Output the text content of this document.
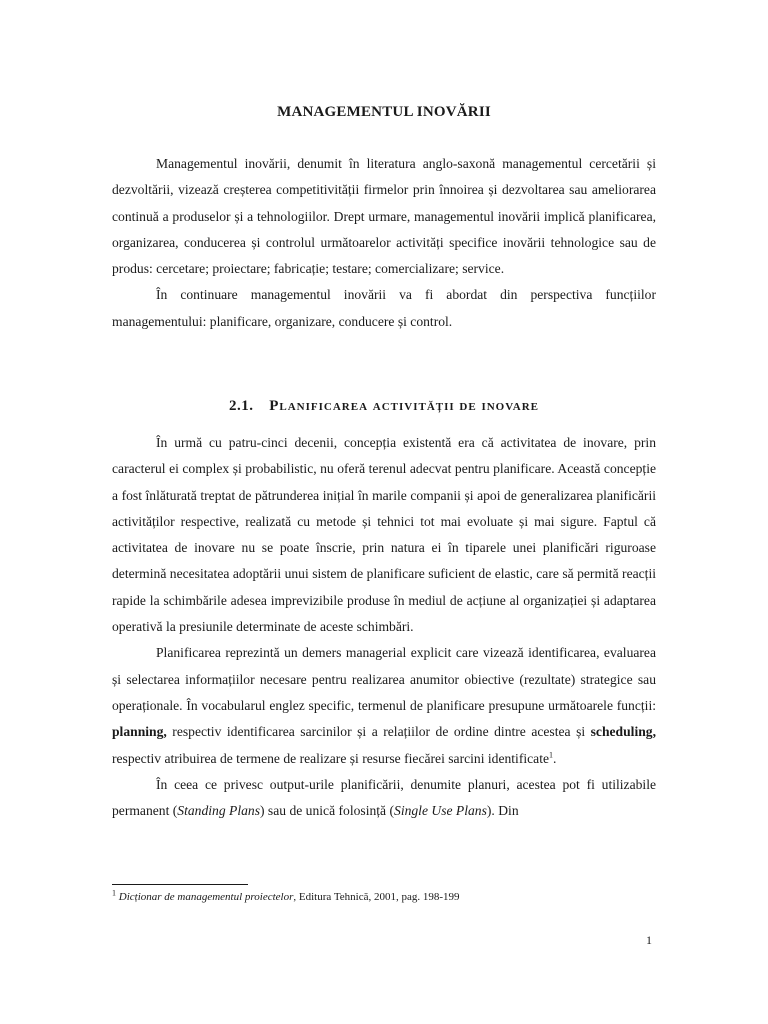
MANAGEMENTUL INOVĂRII

Managementul inovării, denumit în literatura anglo-saxonă managementul cercetării și dezvoltării, vizează creșterea competitivității firmelor prin înnoirea și dezvoltarea sau ameliorarea continuă a produselor și a tehnologiilor. Drept urmare, managementul inovării implică planificarea, organizarea, conducerea și controlul următoarelor activități specifice inovării tehnologice sau de produs: cercetare; proiectare; fabricație; testare; comercializare; service.

În continuare managementul inovării va fi abordat din perspectiva funcțiilor managementului: planificare, organizare, conducere și control.

2.1. Planificarea activității de inovare

În urmă cu patru-cinci decenii, concepția existentă era că activitatea de inovare, prin caracterul ei complex și probabilistic, nu oferă terenul adecvat pentru planificare. Această concepție a fost înlăturată treptat de pătrunderea inițial în marile companii și apoi de generalizarea planificării activităților respective, realizată cu metode și tehnici tot mai evoluate și mai sigure. Faptul că activitatea de inovare nu se poate înscrie, prin natura ei în tiparele unei planificări riguroase determină necesitatea adoptării unui sistem de planificare suficient de elastic, care să permită reacții rapide la schimbările adesea imprevizibile produse în mediul de acțiune al organizației și adaptarea operativă la presiunile determinate de aceste schimbări.

Planificarea reprezintă un demers managerial explicit care vizează identificarea, evaluarea și selectarea informațiilor necesare pentru realizarea anumitor obiective (rezultate) strategice sau operaționale. În vocabularul englez specific, termenul de planificare presupune următoarele funcții: planning, respectiv identificarea sarcinilor și a relațiilor de ordine dintre acestea și scheduling, respectiv atribuirea de termene de realizare și resurse fiecărei sarcini identificate$^1$.

În ceea ce privesc output-urile planificării, denumite planuri, acestea pot fi utilizabile permanent (Standing Plans) sau de unică folosință (Single Use Plans). Din

$^1$ Dicționar de managementul proiectelor, Editura Tehnică, 2001, pag. 198-199

1
